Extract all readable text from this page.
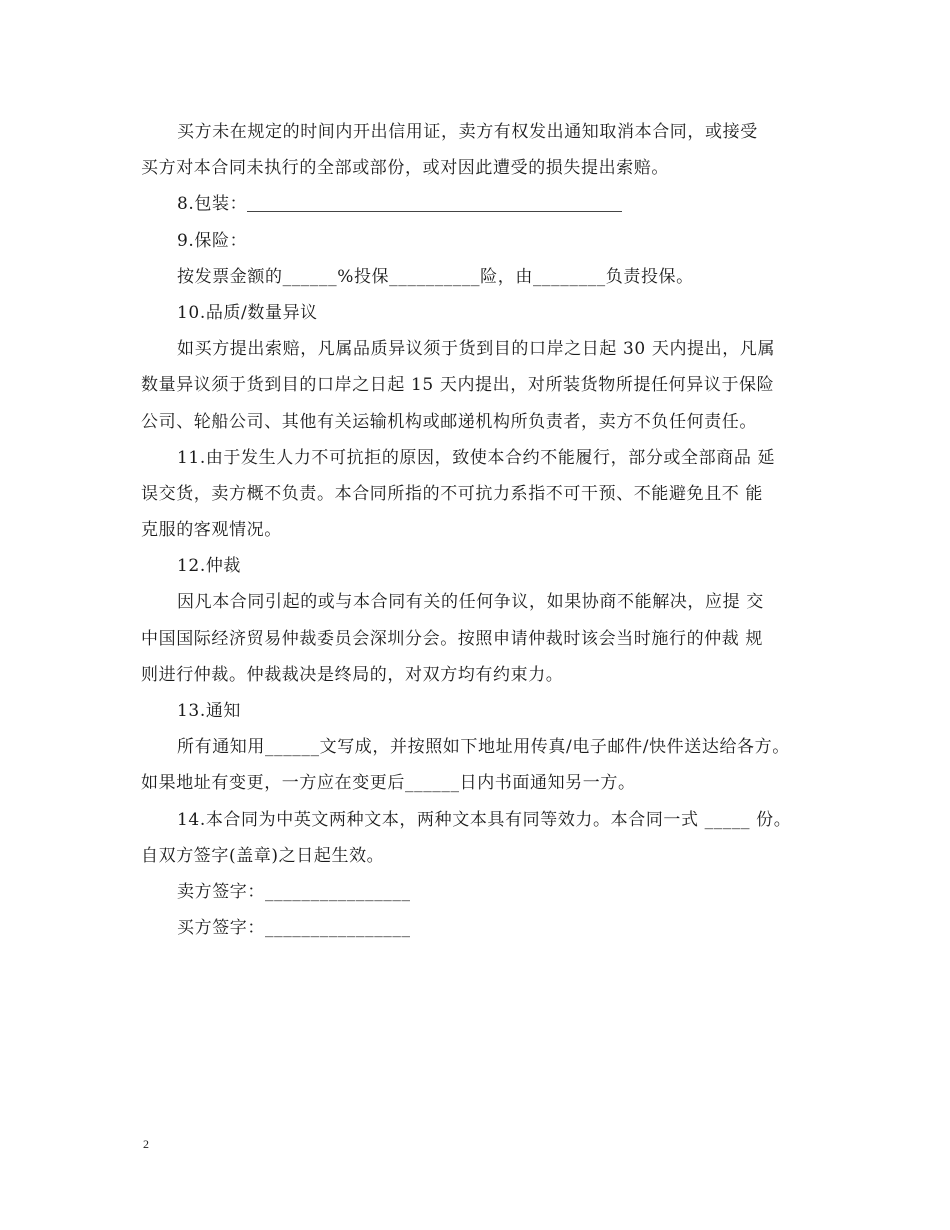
买方未在规定的时间内开出信用证，卖方有权发出通知取消本合同，或接受
买方对本合同未执行的全部或部份，或对因此遭受的损失提出索赔。
8.包装：
9.保险：
按发票金额的______%投保__________险，由________负责投保。
10.品质/数量异议
如买方提出索赔，凡属品质异议须于货到目的口岸之日起 30 天内提出，凡属
数量异议须于货到目的口岸之日起 15 天内提出，对所装货物所提任何异议于保险
公司、轮船公司、其他有关运输机构或邮递机构所负责者，卖方不负任何责任。
11.由于发生人力不可抗拒的原因，致使本合约不能履行，部分或全部商品 延
误交货，卖方概不负责。本合同所指的不可抗力系指不可干预、不能避免且不 能
克服的客观情况。
12.仲裁
因凡本合同引起的或与本合同有关的任何争议，如果协商不能解决，应提 交
中国国际经济贸易仲裁委员会深圳分会。按照申请仲裁时该会当时施行的仲裁 规
则进行仲裁。仲裁裁决是终局的，对双方均有约束力。
13.通知
所有通知用______文写成，并按照如下地址用传真/电子邮件/快件送达给各方。
如果地址有变更，一方应在变更后______日内书面通知另一方。
14.本合同为中英文两种文本，两种文本具有同等效力。本合同一式 _____ 份。
自双方签字(盖章)之日起生效。
卖方签字：________________
买方签字：________________
2
